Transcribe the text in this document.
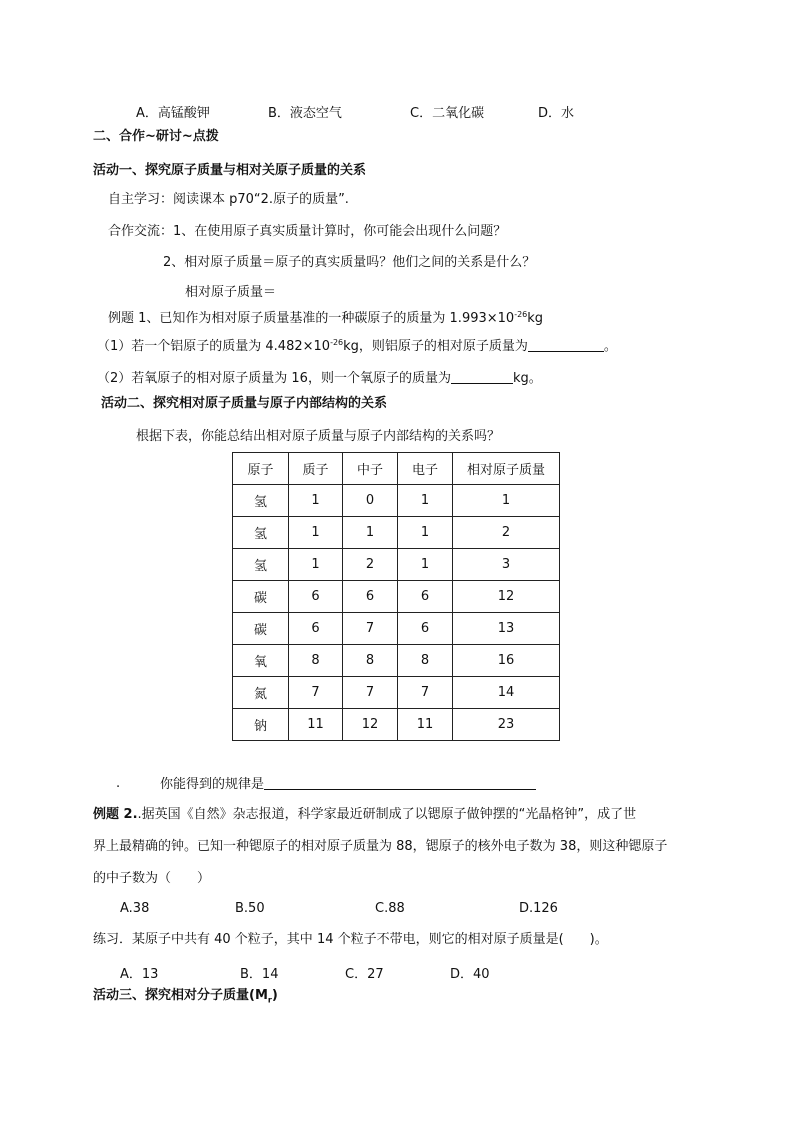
A．高锰酸钾	B．液态空气	C．二氧化碳	D．水
二、合作~研讨~点拨
活动一、探究原子质量与相对关原子质量的关系
自主学习：阅读课本 p70“2.原子的质量”.
合作交流：1、在使用原子真实质量计算时，你可能会出现什么问题？
2、相对原子质量＝原子的真实质量吗？他们之间的关系是什么？
相对原子质量＝
例题 1、已知作为相对原子质量基准的一种碳原子的质量为 $1.993\times 10^{-26}kg$
（1）若一个铝原子的质量为 $4.482\times 10^{-26}kg$，则铝原子的相对原子质量为	。
（2）若氧原子的相对原子质量为 16，则一个氧原子的质量为	kg。
活动二、探究相对原子质量与原子内部结构的关系
根据下表，你能总结出相对原子质量与原子内部结构的关系吗？
原子	质子	中子	电子	相对原子质量
氢	1	0	1	1
氢	1	1	1	2
氢	1	2	1	3
碳	6	6	6	12
碳	6	7	6	13
氧	8	8	8	16
氮	7	7	7	14
钠	11	12	11	23
.	你能得到的规律是
例题 2..据英国《自然》杂志报道，科学家最近研制成了以锶原子做钟摆的“光晶格钟”，成了世
界上最精确的钟。已知一种锶原子的相对原子质量为 88，锶原子的核外电子数为 38，则这种锶原子
的中子数为（　　）
A.38	B.50	C.88	D.126
练习．某原子中共有 40 个粒子，其中 14 个粒子不带电，则它的相对原子质量是(　　)。
A．13	B．14	C．27	D．40
活动三、探究相对分子质量$(M_r)$
